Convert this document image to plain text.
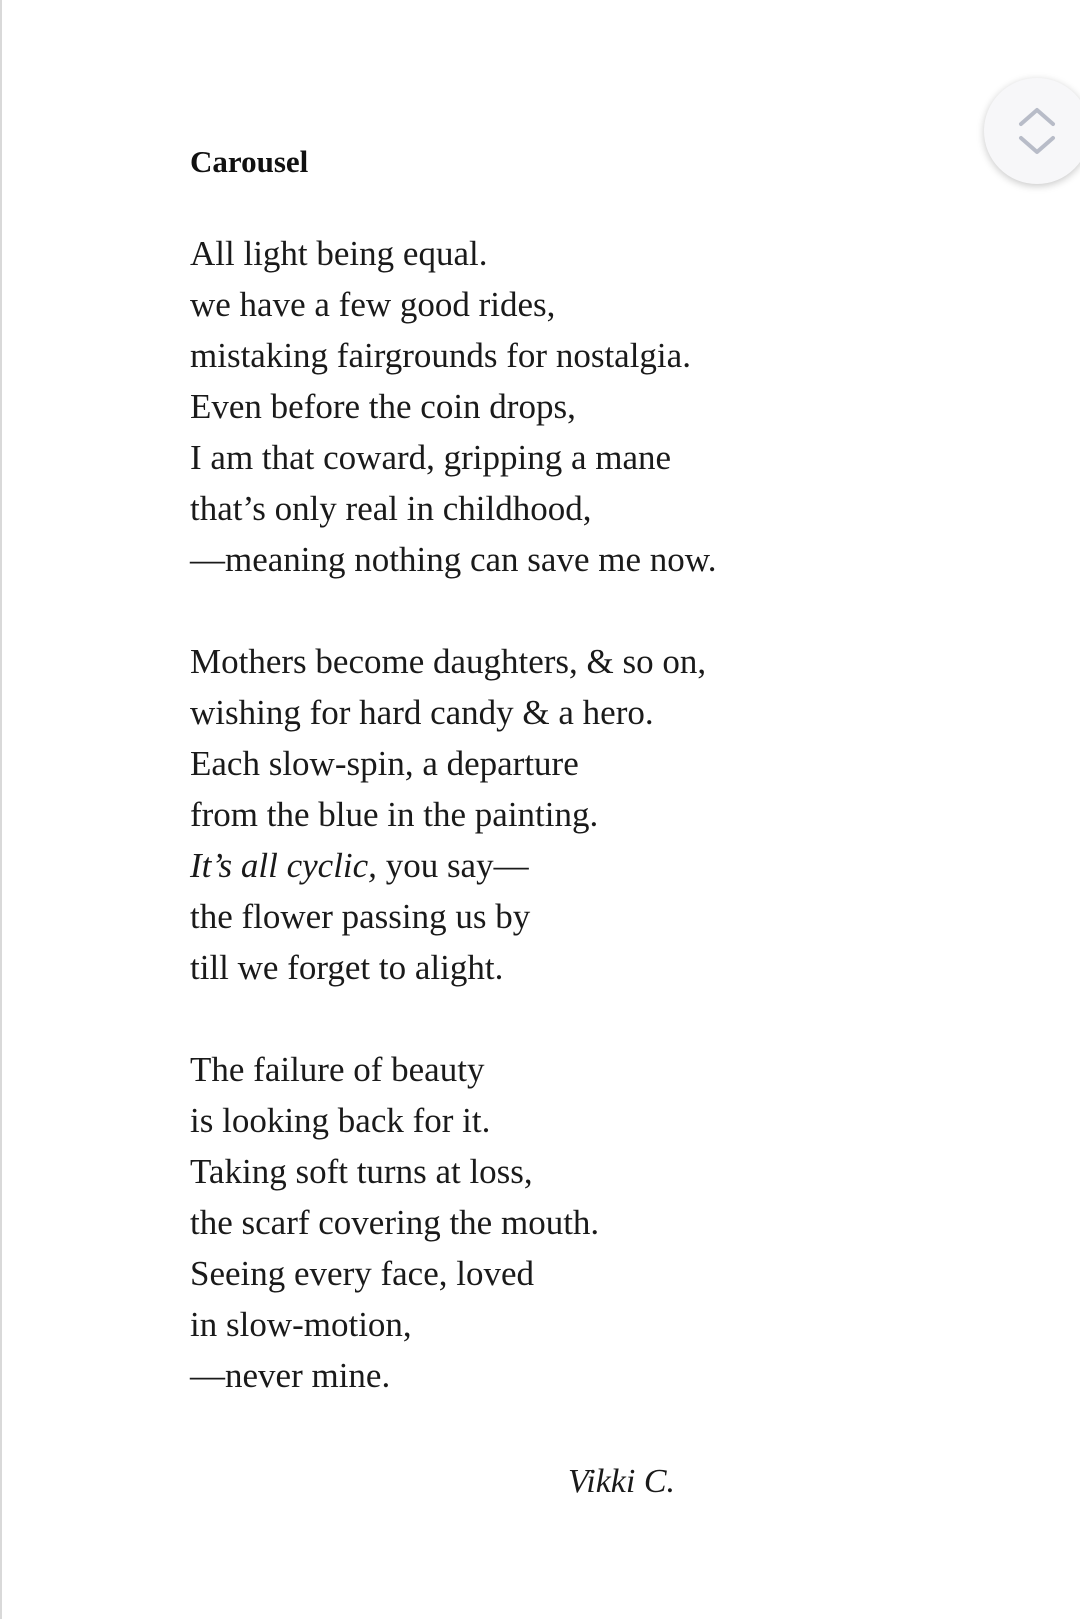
Carousel
All light being equal.
we have a few good rides,
mistaking fairgrounds for nostalgia.
Even before the coin drops,
I am that coward, gripping a mane
that’s only real in childhood,
—meaning nothing can save me now.
Mothers become daughters, & so on,
wishing for hard candy & a hero.
Each slow-spin, a departure
from the blue in the painting.
It’s all cyclic, you say—
the flower passing us by
till we forget to alight.
The failure of beauty
is looking back for it.
Taking soft turns at loss,
the scarf covering the mouth.
Seeing every face, loved
in slow-motion,
—never mine.
Vikki C.
